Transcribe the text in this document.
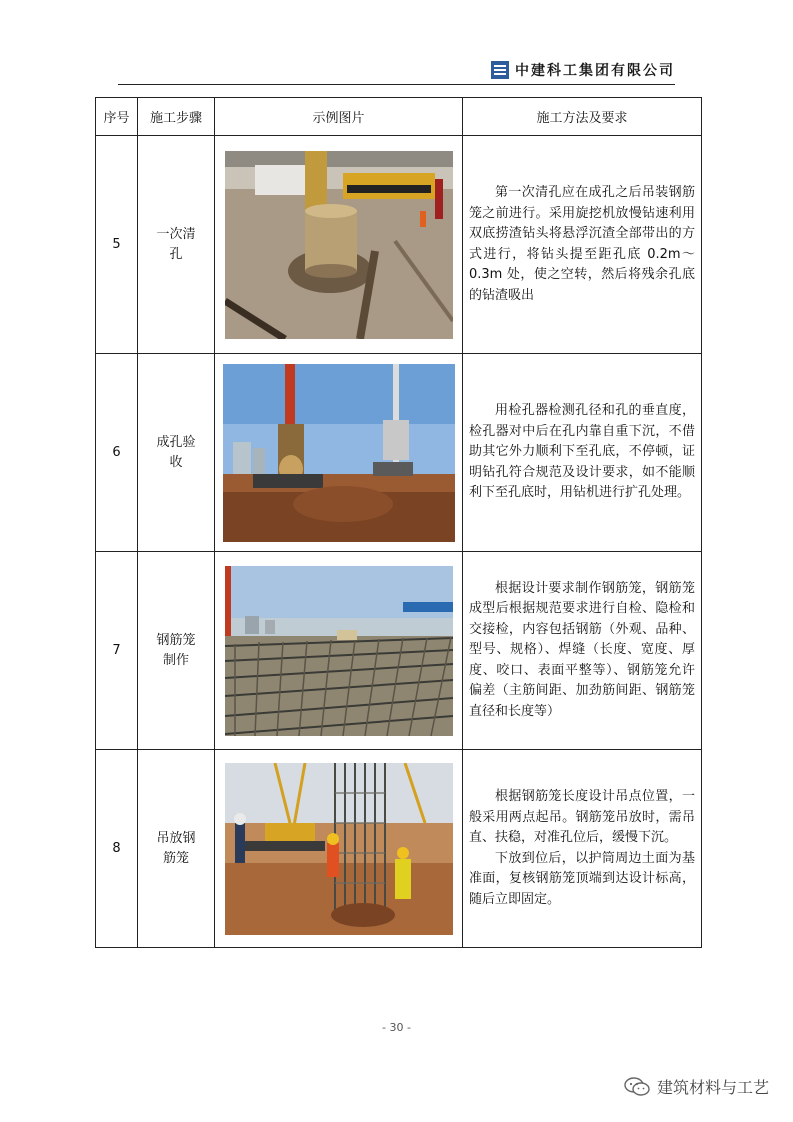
中建科工集团有限公司
序号	施工步骤	示例图片	施工方法及要求
5	一次清孔		第一次清孔应在成孔之后吊装钢筋笼之前进行。采用旋挖机放慢钻速利用双底捞渣钻头将悬浮沉渣全部带出的方式进行，将钻头提至距孔底 0.2m～0.3m 处，使之空转，然后将残余孔底的钻渣吸出

6	成孔验收		用检孔器检测孔径和孔的垂直度，检孔器对中后在孔内靠自重下沉，不借助其它外力顺利下至孔底，不停顿，证明钻孔符合规范及设计要求，如不能顺利下至孔底时，用钻机进行扩孔处理。

7	钢筋笼制作		根据设计要求制作钢筋笼，钢筋笼成型后根据规范要求进行自检、隐检和交接检，内容包括钢筋（外观、品种、型号、规格）、焊缝（长度、宽度、厚度、咬口、表面平整等）、钢筋笼允许偏差（主筋间距、加劲筋间距、钢筋笼直径和长度等）

8	吊放钢筋笼		根据钢筋笼长度设计吊点位置，一般采用两点起吊。钢筋笼吊放时，需吊直、扶稳，对准孔位后，缓慢下沉。

下放到位后，以护筒周边土面为基准面，复核钢筋笼顶端到达设计标高，随后立即固定。

- 30 -
建筑材料与工艺
